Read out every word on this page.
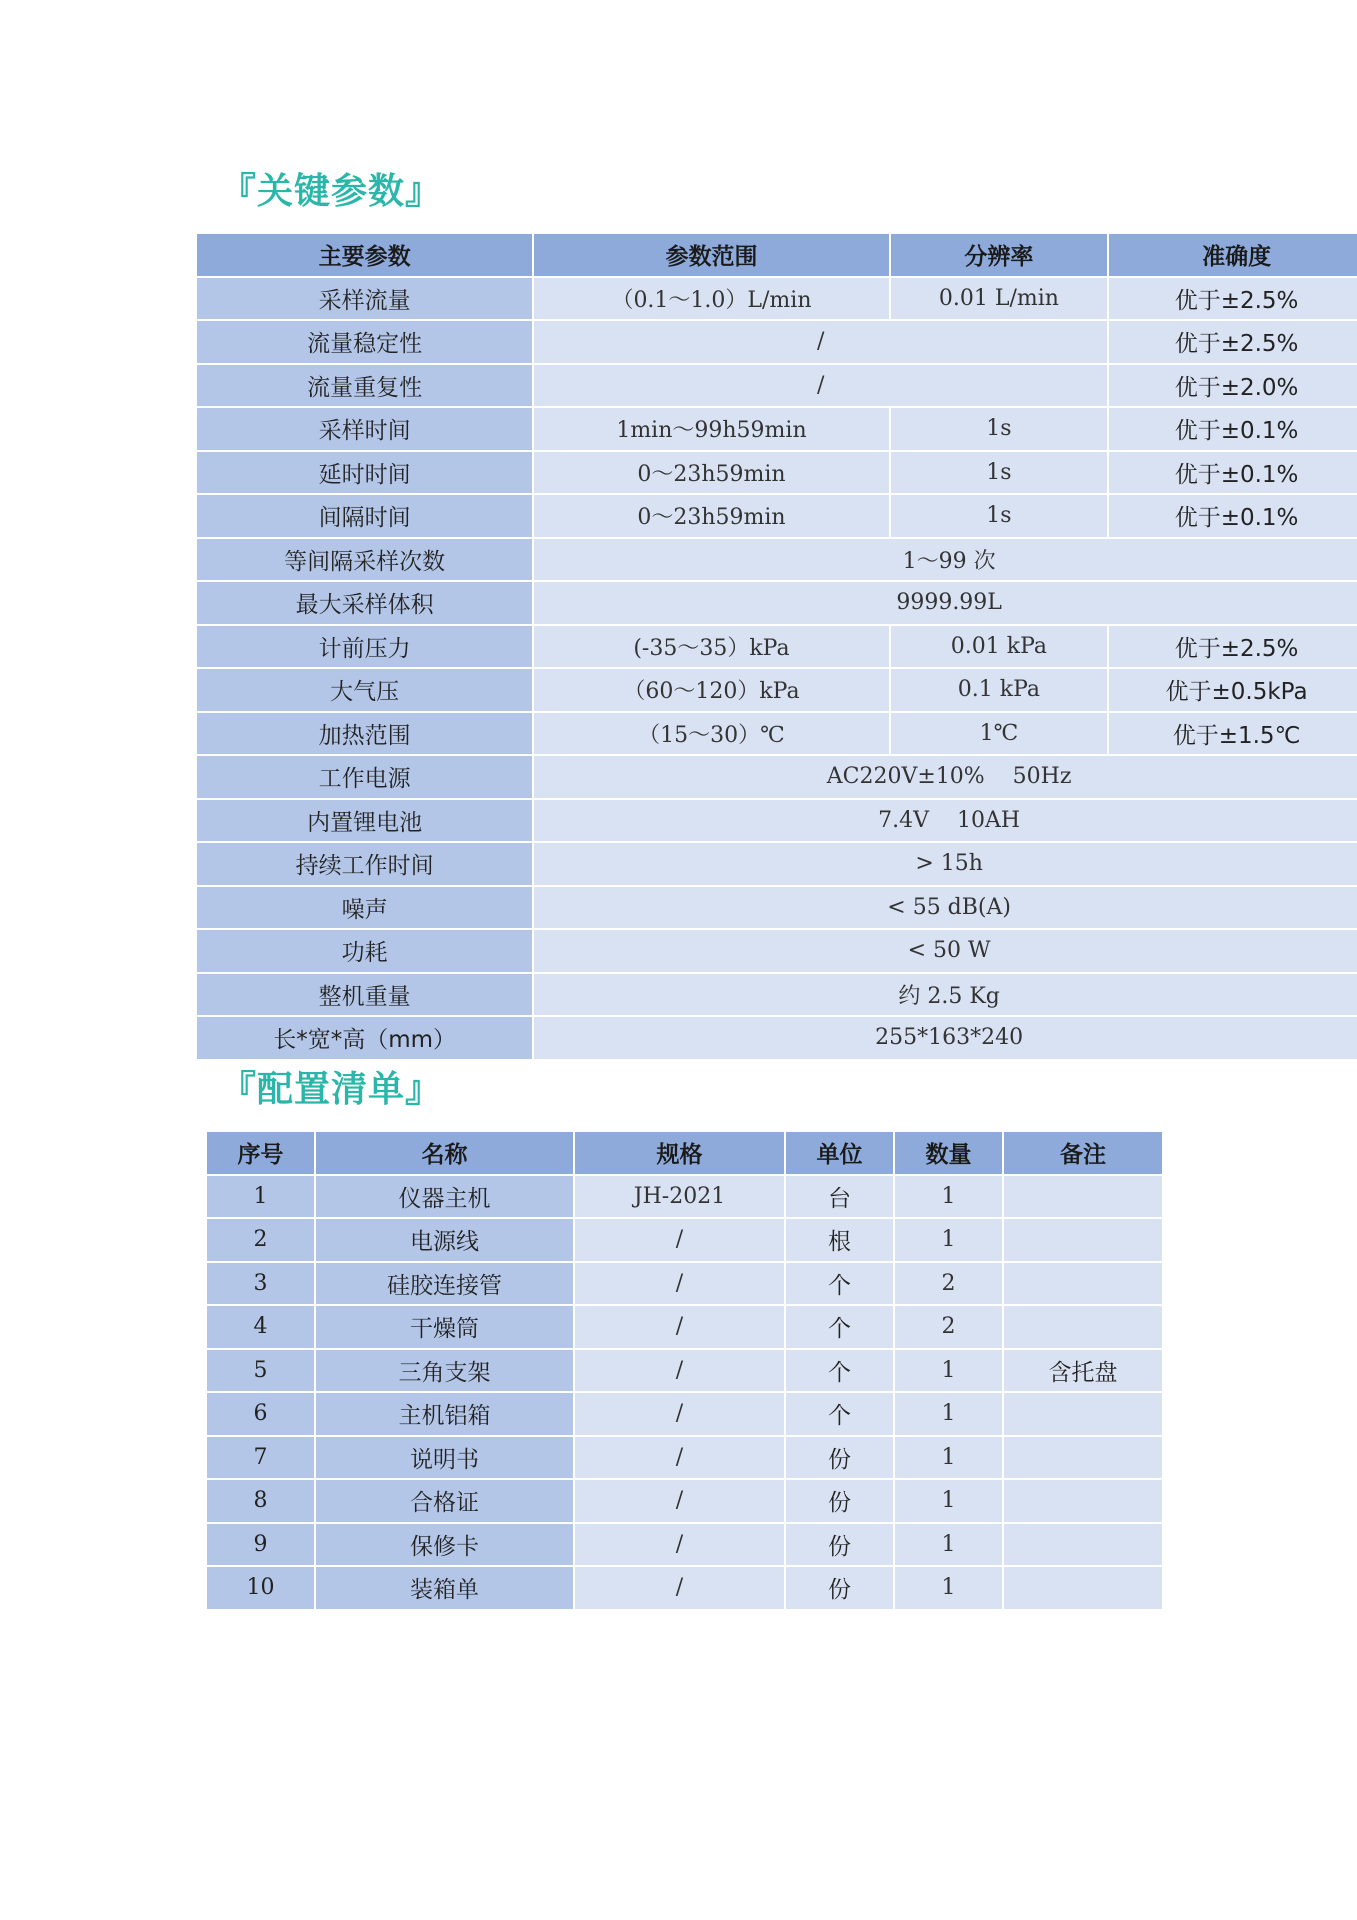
『关键参数』
主要参数	参数范围	分辨率	准确度
采样流量	（0.1～1.0）L/min	0.01 L/min	优于±2.5%
流量稳定性	/		优于±2.5%
流量重复性	/		优于±2.0%
采样时间	1min～99h59min	1s	优于±0.1%
延时时间	0～23h59min	1s	优于±0.1%
间隔时间	0～23h59min	1s	优于±0.1%
等间隔采样次数	1～99 次		
最大采样体积	9999.99L		
计前压力	(-35～35）kPa	0.01 kPa	优于±2.5%
大气压	（60～120）kPa	0.1 kPa	优于±0.5kPa
加热范围	（15～30）℃	1℃	优于±1.5℃
工作电源	AC220V±10%    50Hz		
内置锂电池	7.4V    10AH		
持续工作时间	> 15h		
噪声	< 55 dB(A)		
功耗	< 50 W		
整机重量	约 2.5 Kg		
长*宽*高（mm）	255*163*240		
『配置清单』
序号	名称	规格	单位	数量	备注
1	仪器主机	JH-2021	台	1	
2	电源线	/	根	1	
3	硅胶连接管	/	个	2	
4	干燥筒	/	个	2	
5	三角支架	/	个	1	含托盘
6	主机铝箱	/	个	1	
7	说明书	/	份	1	
8	合格证	/	份	1	
9	保修卡	/	份	1	
10	装箱单	/	份	1	
